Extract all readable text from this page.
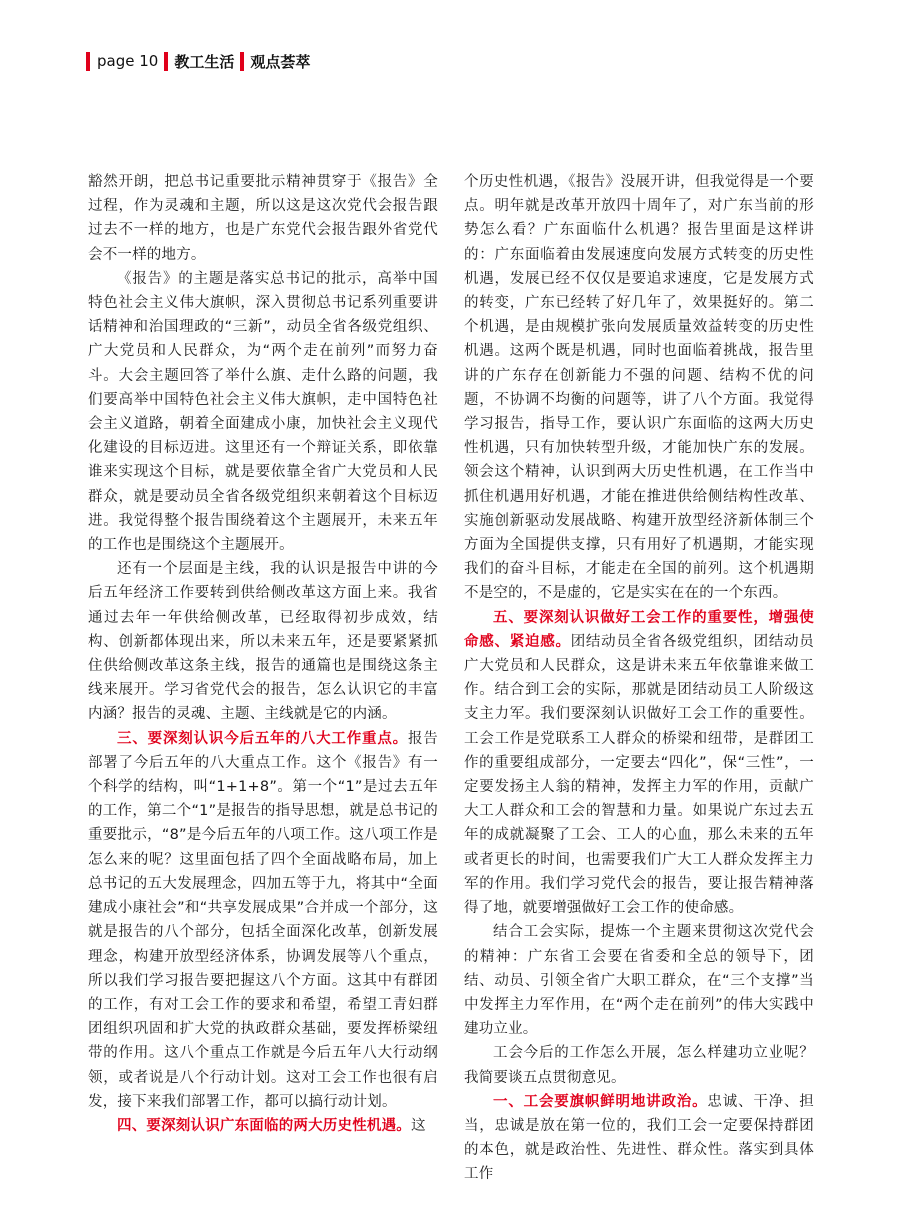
page 10 教工生活 观点荟萃

豁然开朗，把总书记重要批示精神贯穿于《报告》全过程，作为灵魂和主题，所以这是这次党代会报告跟过去不一样的地方，也是广东党代会报告跟外省党代会不一样的地方。

《报告》的主题是落实总书记的批示，高举中国特色社会主义伟大旗帜，深入贯彻总书记系列重要讲话精神和治国理政的“三新”，动员全省各级党组织、广大党员和人民群众，为“两个走在前列”而努力奋斗。大会主题回答了举什么旗、走什么路的问题，我们要高举中国特色社会主义伟大旗帜，走中国特色社会主义道路，朝着全面建成小康，加快社会主义现代化建设的目标迈进。这里还有一个辩证关系，即依靠谁来实现这个目标，就是要依靠全省广大党员和人民群众，就是要动员全省各级党组织来朝着这个目标迈进。我觉得整个报告围绕着这个主题展开，未来五年的工作也是围绕这个主题展开。

还有一个层面是主线，我的认识是报告中讲的今后五年经济工作要转到供给侧改革这方面上来。我省通过去年一年供给侧改革，已经取得初步成效，结构、创新都体现出来，所以未来五年，还是要紧紧抓住供给侧改革这条主线，报告的通篇也是围绕这条主线来展开。学习省党代会的报告，怎么认识它的丰富内涵？报告的灵魂、主题、主线就是它的内涵。

三、要深刻认识今后五年的八大工作重点。报告部署了今后五年的八大重点工作。这个《报告》有一个科学的结构，叫“1+1+8”。第一个“1”是过去五年的工作，第二个“1”是报告的指导思想，就是总书记的重要批示，“8”是今后五年的八项工作。这八项工作是怎么来的呢？这里面包括了四个全面战略布局，加上总书记的五大发展理念，四加五等于九，将其中“全面建成小康社会”和“共享发展成果”合并成一个部分，这就是报告的八个部分，包括全面深化改革，创新发展理念，构建开放型经济体系，协调发展等八个重点，所以我们学习报告要把握这八个方面。这其中有群团的工作，有对工会工作的要求和希望，希望工青妇群团组织巩固和扩大党的执政群众基础，要发挥桥梁纽带的作用。这八个重点工作就是今后五年八大行动纲领，或者说是八个行动计划。这对工会工作也很有启发，接下来我们部署工作，都可以搞行动计划。

四、要深刻认识广东面临的两大历史性机遇。这

个历史性机遇，《报告》没展开讲，但我觉得是一个要点。明年就是改革开放四十周年了，对广东当前的形势怎么看？广东面临什么机遇？报告里面是这样讲的：广东面临着由发展速度向发展方式转变的历史性机遇，发展已经不仅仅是要追求速度，它是发展方式的转变，广东已经转了好几年了，效果挺好的。第二个机遇，是由规模扩张向发展质量效益转变的历史性机遇。这两个既是机遇，同时也面临着挑战，报告里讲的广东存在创新能力不强的问题、结构不优的问题，不协调不均衡的问题等，讲了八个方面。我觉得学习报告，指导工作，要认识广东面临的这两大历史性机遇，只有加快转型升级，才能加快广东的发展。领会这个精神，认识到两大历史性机遇，在工作当中抓住机遇用好机遇，才能在推进供给侧结构性改革、实施创新驱动发展战略、构建开放型经济新体制三个方面为全国提供支撑，只有用好了机遇期，才能实现我们的奋斗目标，才能走在全国的前列。这个机遇期不是空的，不是虚的，它是实实在在的一个东西。

五、要深刻认识做好工会工作的重要性，增强使命感、紧迫感。团结动员全省各级党组织，团结动员广大党员和人民群众，这是讲未来五年依靠谁来做工作。结合到工会的实际，那就是团结动员工人阶级这支主力军。我们要深刻认识做好工会工作的重要性。工会工作是党联系工人群众的桥梁和纽带，是群团工作的重要组成部分，一定要去“四化”，保“三性”，一定要发扬主人翁的精神，发挥主力军的作用，贡献广大工人群众和工会的智慧和力量。如果说广东过去五年的成就凝聚了工会、工人的心血，那么未来的五年或者更长的时间，也需要我们广大工人群众发挥主力军的作用。我们学习党代会的报告，要让报告精神落得了地，就要增强做好工会工作的使命感。

结合工会实际，提炼一个主题来贯彻这次党代会的精神：广东省工会要在省委和全总的领导下，团结、动员、引领全省广大职工群众，在“三个支撑”当中发挥主力军作用，在“两个走在前列”的伟大实践中建功立业。

工会今后的工作怎么开展，怎么样建功立业呢？我简要谈五点贯彻意见。

一、工会要旗帜鲜明地讲政治。忠诚、干净、担当，忠诚是放在第一位的，我们工会一定要保持群团的本色，就是政治性、先进性、群众性。落实到具体工作
